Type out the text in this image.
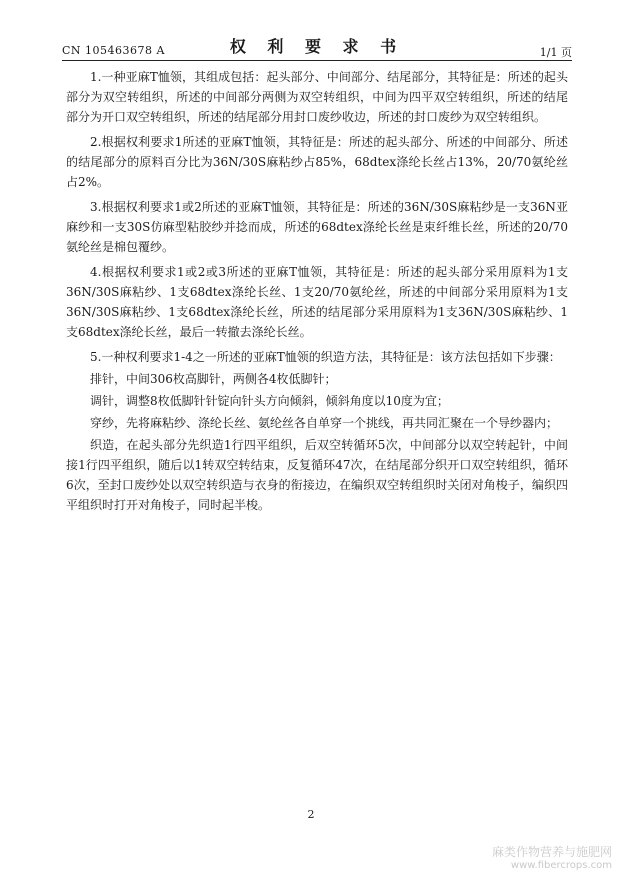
CN 105463678 A	权 利 要 求 书	1/1 页

1.一种亚麻T恤领，其组成包括：起头部分、中间部分、结尾部分，其特征是：所述的起头部分为双空转组织，所述的中间部分两侧为双空转组织，中间为四平双空转组织，所述的结尾部分为开口双空转组织，所述的结尾部分用封口废纱收边，所述的封口废纱为双空转组织。

2.根据权利要求1所述的亚麻T恤领，其特征是：所述的起头部分、所述的中间部分、所述的结尾部分的原料百分比为36N/30S麻粘纱占85%，68dtex涤纶长丝占13%，20/70氨纶丝占2%。

3.根据权利要求1或2所述的亚麻T恤领，其特征是：所述的36N/30S麻粘纱是一支36N亚麻纱和一支30S仿麻型粘胶纱并捻而成，所述的68dtex涤纶长丝是束纤维长丝，所述的20/70氨纶丝是棉包覆纱。

4.根据权利要求1或2或3所述的亚麻T恤领，其特征是：所述的起头部分采用原料为1支36N/30S麻粘纱、1支68dtex涤纶长丝、1支20/70氨纶丝，所述的中间部分采用原料为1支36N/30S麻粘纱、1支68dtex涤纶长丝，所述的结尾部分采用原料为1支36N/30S麻粘纱、1支68dtex涤纶长丝，最后一转撤去涤纶长丝。

5.一种权利要求1-4之一所述的亚麻T恤领的织造方法，其特征是：该方法包括如下步骤：

排针，中间306枚高脚针，两侧各4枚低脚针；

调针，调整8枚低脚针针锭向针头方向倾斜，倾斜角度以10度为宜；

穿纱，先将麻粘纱、涤纶长丝、氨纶丝各自单穿一个挑线，再共同汇聚在一个导纱器内；

织造，在起头部分先织造1行四平组织，后双空转循环5次，中间部分以双空转起针，中间接1行四平组织，随后以1转双空转结束，反复循环47次，在结尾部分织开口双空转组织，循环6次，至封口废纱处以双空转织造与衣身的衔接边，在编织双空转组织时关闭对角梭子，编织四平组织时打开对角梭子，同时起半梭。

2
麻类作物营养与施肥网
www.fibercrops.com
